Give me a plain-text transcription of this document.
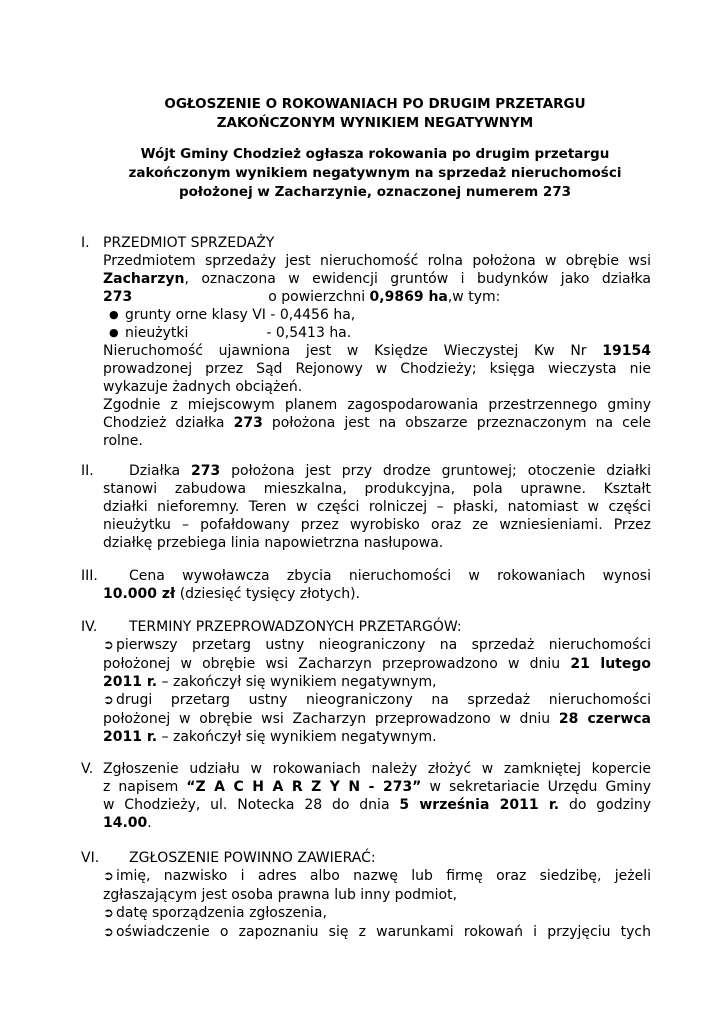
OGŁOSZENIE O ROKOWANIACH PO DRUGIM PRZETARGU
ZAKOŃCZONYM WYNIKIEM NEGATYWNYM
Wójt Gminy Chodzież ogłasza rokowania po drugim przetargu
zakończonym wynikiem negatywnym na sprzedaż nieruchomości
położonej w Zacharzynie, oznaczonej numerem 273
I. PRZEDMIOT SPRZEDAŻY
Przedmiotem sprzedaży jest nieruchomość rolna położona w obrębie wsi
Zacharzyn, oznaczona w ewidencji gruntów i budynków jako działka
273	o powierzchni 0,9869 ha,w tym:
● grunty orne klasy VI - 0,4456 ha,
● nieużytki	- 0,5413 ha.
Nieruchomość ujawniona jest w Księdze Wieczystej Kw Nr 19154
prowadzonej przez Sąd Rejonowy w Chodzieży; księga wieczysta nie
wykazuje żadnych obciążeń.
Zgodnie z miejscowym planem zagospodarowania przestrzennego gminy
Chodzież działka 273 położona jest na obszarze przeznaczonym na cele
rolne.
II.	Działka 273 położona jest przy drodze gruntowej; otoczenie działki
stanowi zabudowa mieszkalna, produkcyjna, pola uprawne. Kształt
działki nieforemny. Teren w części rolniczej – płaski, natomiast w części
nieużytku – pofałdowany przez wyrobisko oraz ze wzniesieniami. Przez
działkę przebiega linia napowietrzna nasłupowa.
III.	Cena wywoławcza zbycia nieruchomości w rokowaniach wynosi
10.000 zł (dziesięć tysięcy złotych).
IV.	TERMINY PRZEPROWADZONYCH PRZETARGÓW:
➲ pierwszy przetarg ustny nieograniczony na sprzedaż nieruchomości
położonej w obrębie wsi Zacharzyn przeprowadzono w dniu 21 lutego
2011 r. – zakończył się wynikiem negatywnym,
➲ drugi przetarg ustny nieograniczony na sprzedaż nieruchomości
położonej w obrębie wsi Zacharzyn przeprowadzono w dniu 28 czerwca
2011 r. – zakończył się wynikiem negatywnym.
V. Zgłoszenie udziału w rokowaniach należy złożyć w zamkniętej kopercie
z napisem “Z A C H A R Z Y N - 273” w sekretariacie Urzędu Gminy
w Chodzieży, ul. Notecka 28 do dnia 5 września 2011 r. do godziny
14.00.
VI.	ZGŁOSZENIE POWINNO ZAWIERAĆ:
➲ imię, nazwisko i adres albo nazwę lub firmę oraz siedzibę, jeżeli
zgłaszającym jest osoba prawna lub inny podmiot,
➲ datę sporządzenia zgłoszenia,
➲ oświadczenie o zapoznaniu się z warunkami rokowań i przyjęciu tych
